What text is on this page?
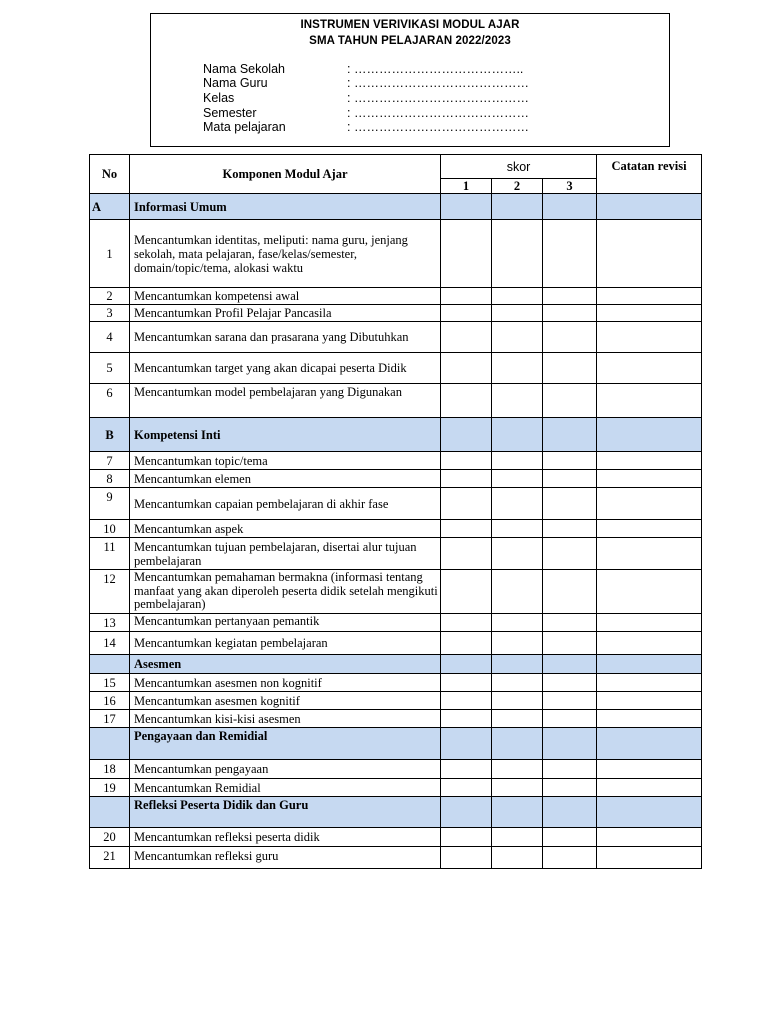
INSTRUMEN VERIVIKASI MODUL AJAR
SMA TAHUN PELAJARAN 2022/2023
Nama Sekolah	: …………………………………..
Nama Guru	: ……………………………………
Kelas	: ……………………………………
Semester	: ……………………………………
Mata pelajaran	: ……………………………………
No	Komponen Modul Ajar	skor			Catatan revisi
		1	2	3	
A	Informasi Umum				
1	Mencantumkan identitas, meliputi: nama guru, jenjang sekolah, mata pelajaran, fase/kelas/semester, domain/topic/tema, alokasi waktu				
2	Mencantumkan kompetensi awal				
3	Mencantumkan Profil Pelajar Pancasila				
4	Mencantumkan sarana dan prasarana yang Dibutuhkan				
5	Mencantumkan target yang akan dicapai peserta Didik				
6	Mencantumkan model pembelajaran yang Digunakan				
B	Kompetensi Inti				
7	Mencantumkan topic/tema				
8	Mencantumkan elemen				
9	Mencantumkan capaian pembelajaran di akhir fase				
10	Mencantumkan aspek				
11	Mencantumkan tujuan pembelajaran, disertai alur tujuan pembelajaran				
12	Mencantumkan pemahaman bermakna (informasi tentang manfaat yang akan diperoleh peserta didik setelah mengikuti pembelajaran)				

13	Mencantumkan pertanyaan pemantik				
14	Mencantumkan kegiatan pembelajaran				
	Asesmen				
15	Mencantumkan asesmen non kognitif				
16	Mencantumkan asesmen kognitif				
17	Mencantumkan kisi-kisi asesmen				
	Pengayaan dan Remidial				
18	Mencantumkan pengayaan				
19	Mencantumkan Remidial				
	Refleksi Peserta Didik dan Guru				
20	Mencantumkan refleksi peserta didik				
21	Mencantumkan refleksi guru				
